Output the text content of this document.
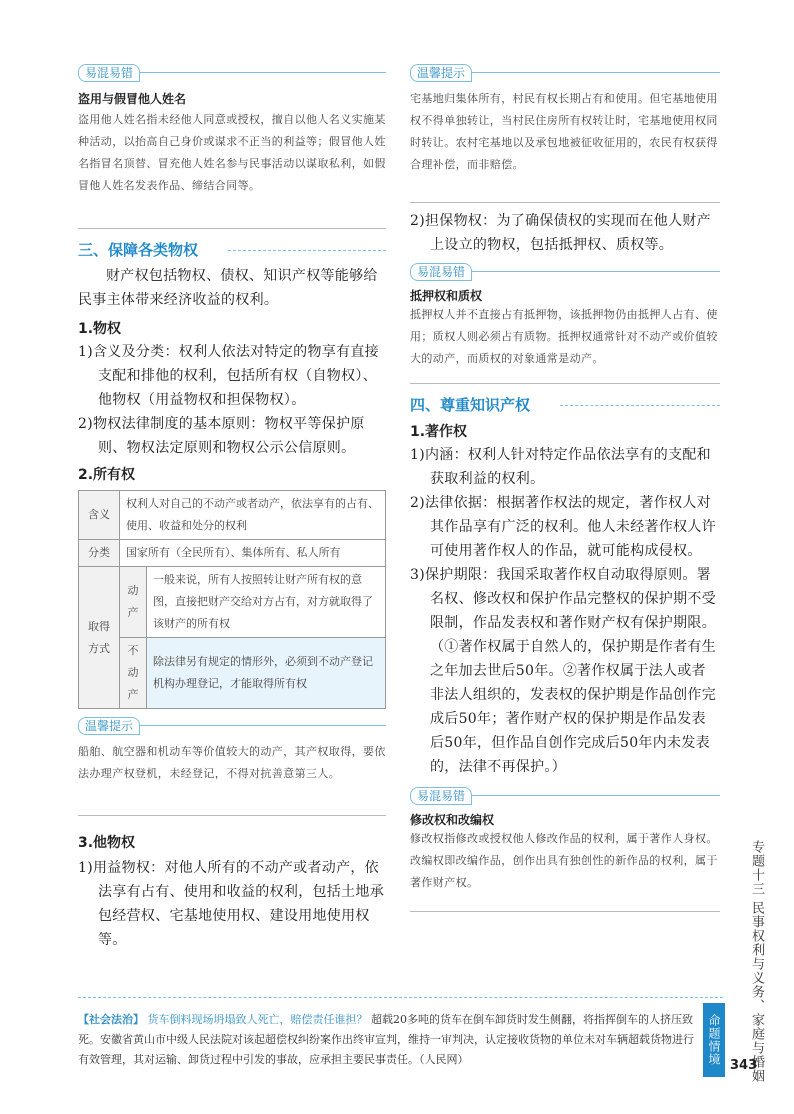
易混易错
盗用与假冒他人姓名
盗用他人姓名指未经他人同意或授权，擅自以他人名义实施某种活动，以抬高自己身价或谋求不正当的利益等；假冒他人姓名指冒名顶替、冒充他人姓名参与民事活动以谋取私利，如假冒他人姓名发表作品、缔结合同等。
三、保障各类物权
财产权包括物权、债权、知识产权等能够给民事主体带来经济收益的权利。
1.物权
1)含义及分类：权利人依法对特定的物享有直接支配和排他的权利，包括所有权（自物权）、他物权（用益物权和担保物权）。
2)物权法律制度的基本原则：物权平等保护原则、物权法定原则和物权公示公信原则。
2.所有权
含义	权利人对自己的不动产或者动产，依法享有的占有、使用、收益和处分的权利	
分类	国家所有（全民所有）、集体所有、私人所有	
取得方式	动产	一般来说，所有人按照转让财产所有权的意图，直接把财产交给对方占有，对方就取得了该财产的所有权
	不动产	除法律另有规定的情形外，必须到不动产登记机构办理登记，才能取得所有权
温馨提示
船舶、航空器和机动车等价值较大的动产，其产权取得，要依法办理产权登机，未经登记，不得对抗善意第三人。
3.他物权
1)用益物权：对他人所有的不动产或者动产，依法享有占有、使用和收益的权利，包括土地承包经营权、宅基地使用权、建设用地使用权等。
温馨提示
宅基地归集体所有，村民有权长期占有和使用。但宅基地使用权不得单独转让，当村民住房所有权转让时，宅基地使用权同时转让。农村宅基地以及承包地被征收征用的，农民有权获得合理补偿，而非赔偿。
2)担保物权：为了确保债权的实现而在他人财产上设立的物权，包括抵押权、质权等。
易混易错
抵押权和质权
抵押权人并不直接占有抵押物，该抵押物仍由抵押人占有、使用；质权人则必须占有质物。抵押权通常针对不动产或价值较大的动产，而质权的对象通常是动产。
四、尊重知识产权
1.著作权
1)内涵：权利人针对特定作品依法享有的支配和获取利益的权利。
2)法律依据：根据著作权法的规定，著作权人对其作品享有广泛的权利。他人未经著作权人许可使用著作权人的作品，就可能构成侵权。
3)保护期限：我国采取著作权自动取得原则。署名权、修改权和保护作品完整权的保护期不受限制，作品发表权和著作财产权有保护期限。（①著作权属于自然人的，保护期是作者有生之年加去世后50年。②著作权属于法人或者非法人组织的，发表权的保护期是作品创作完成后50年；著作财产权的保护期是作品发表后50年，但作品自创作完成后50年内未发表的，法律不再保护。）
易混易错
修改权和改编权
修改权指修改或授权他人修改作品的权利，属于著作人身权。改编权即改编作品，创作出具有独创性的新作品的权利，属于著作财产权。	专题十三 民事权利与义务、家庭与婚姻
【社会法治】 货车倒料现场坍塌致人死亡，赔偿责任谁担？ 超载20多吨的货车在倒车卸货时发生侧翻，将指挥倒车的人挤压致死。安徽省黄山市中级人民法院对该起超偿权纠纷案作出终审宣判，维持一审判决，认定接收货物的单位未对车辆超载货物进行有效管理，其对运输、卸货过程中引发的事故，应承担主要民事责任。（人民网）	命题情境 343
